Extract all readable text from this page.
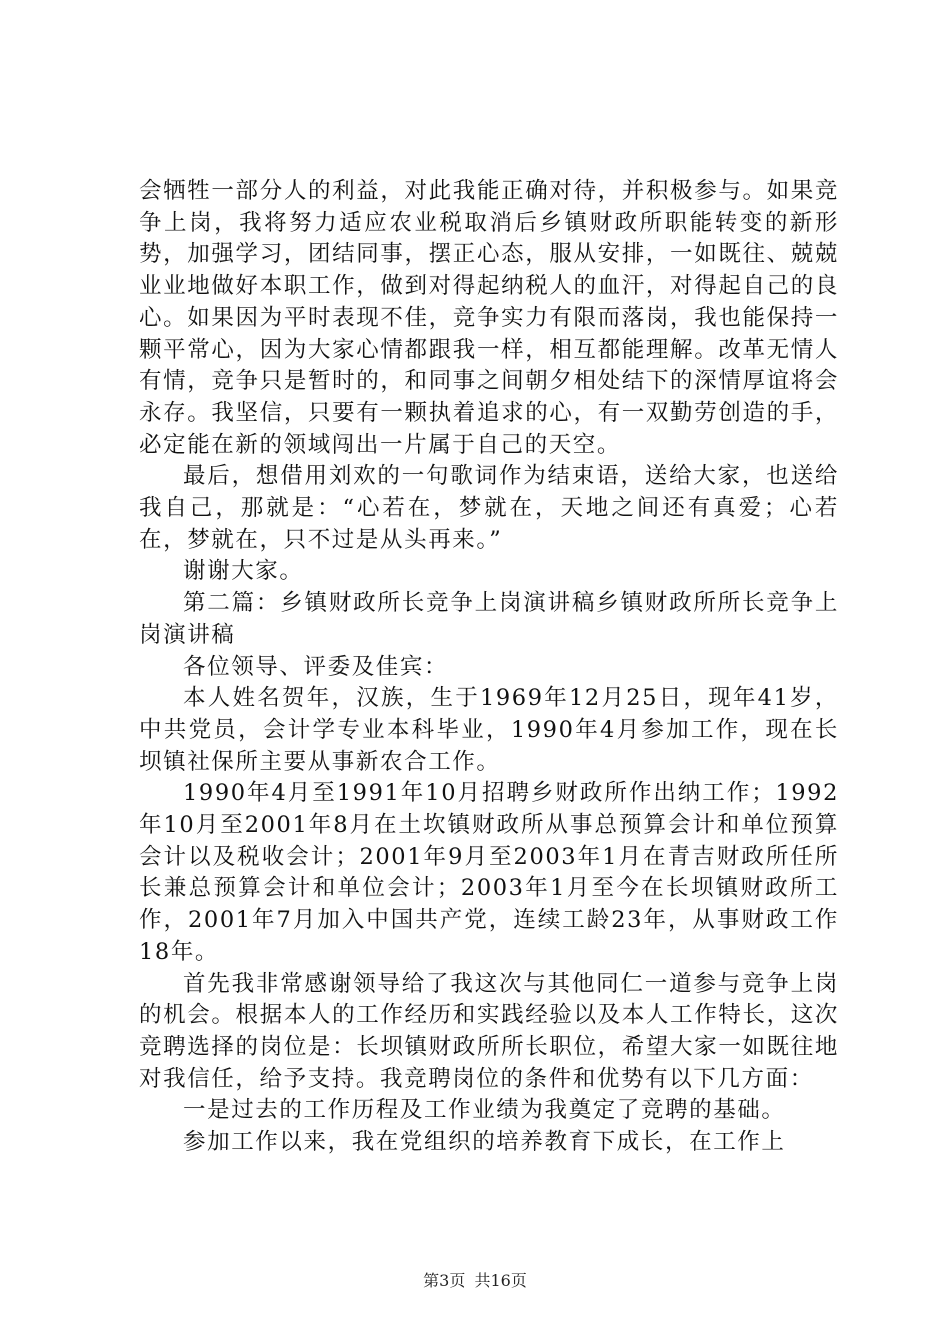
会牺牲一部分人的利益，对此我能正确对待，并积极参与。如果竞争上岗，我将努力适应农业税取消后乡镇财政所职能转变的新形势，加强学习，团结同事，摆正心态，服从安排，一如既往、兢兢业业地做好本职工作，做到对得起纳税人的血汗，对得起自己的良心。如果因为平时表现不佳，竞争实力有限而落岗，我也能保持一颗平常心，因为大家心情都跟我一样，相互都能理解。改革无情人有情，竞争只是暂时的，和同事之间朝夕相处结下的深情厚谊将会永存。我坚信，只要有一颗执着追求的心，有一双勤劳创造的手，必定能在新的领域闯出一片属于自己的天空。

最后，想借用刘欢的一句歌词作为结束语，送给大家，也送给我自己，那就是：“心若在，梦就在，天地之间还有真爱；心若在，梦就在，只不过是从头再来。”

谢谢大家。

第二篇：乡镇财政所长竞争上岗演讲稿乡镇财政所所长竞争上岗演讲稿

各位领导、评委及佳宾：

本人姓名贺年，汉族，生于1969年12月25日，现年41岁，中共党员，会计学专业本科毕业，1990年4月参加工作，现在长坝镇社保所主要从事新农合工作。

1990年4月至1991年10月招聘乡财政所作出纳工作；1992年10月至2001年8月在土坎镇财政所从事总预算会计和单位预算会计以及税收会计；2001年9月至2003年1月在青吉财政所任所长兼总预算会计和单位会计；2003年1月至今在长坝镇财政所工作，2001年7月加入中国共产党，连续工龄23年，从事财政工作18年。

首先我非常感谢领导给了我这次与其他同仁一道参与竞争上岗的机会。根据本人的工作经历和实践经验以及本人工作特长，这次竞聘选择的岗位是：长坝镇财政所所长职位，希望大家一如既往地对我信任，给予支持。我竞聘岗位的条件和优势有以下几方面：

一是过去的工作历程及工作业绩为我奠定了竞聘的基础。

参加工作以来，我在党组织的培养教育下成长，在工作上

第3页 共16页
